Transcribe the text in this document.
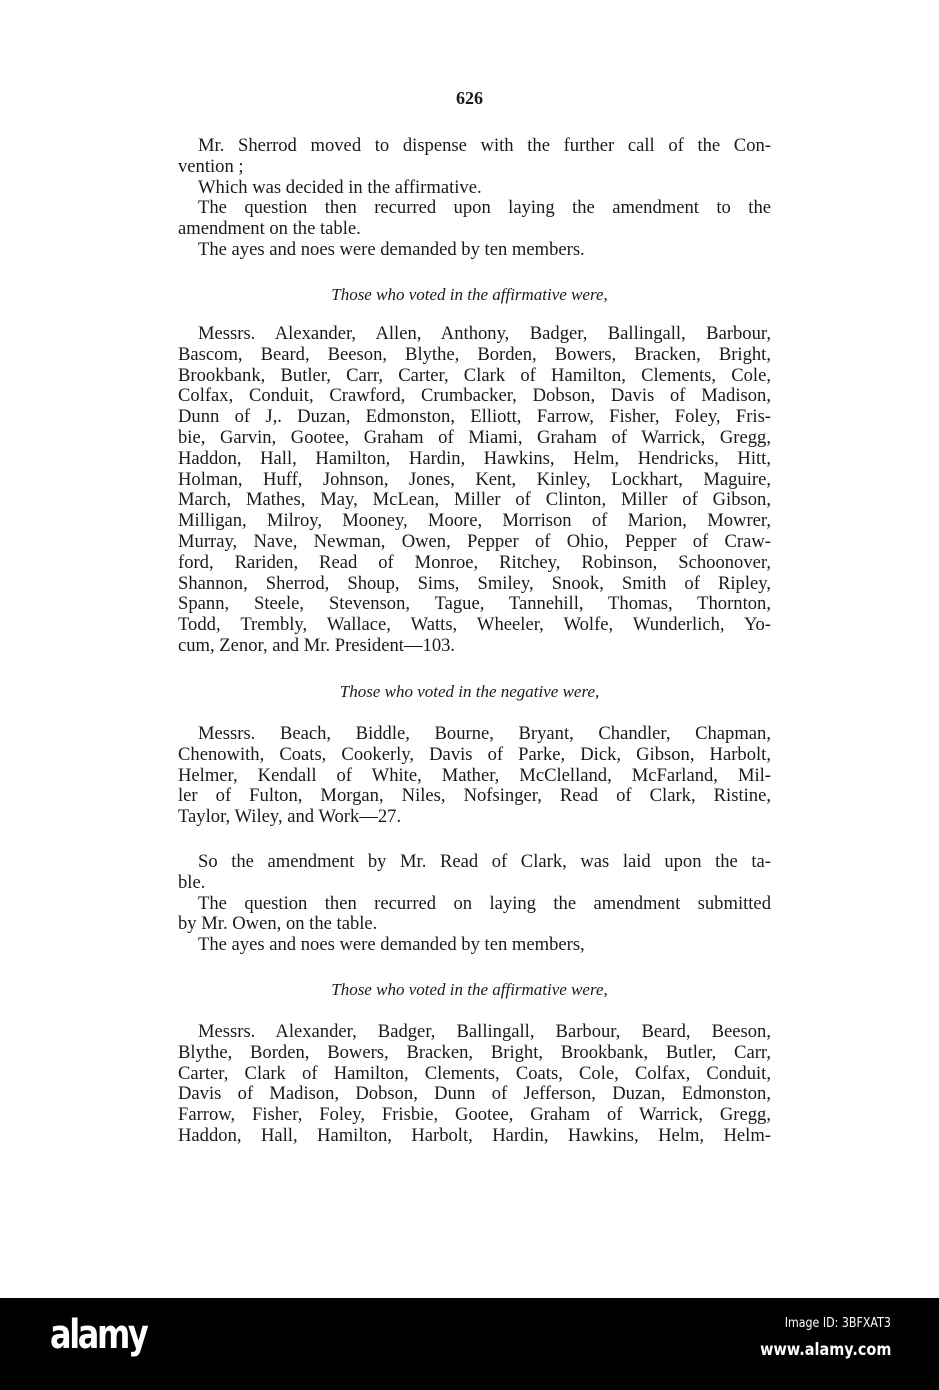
626
Mr. Sherrod moved to dispense with the further call of the Con-
vention ;
Which was decided in the affirmative.
The question then recurred upon laying the amendment to the
amendment on the table.
The ayes and noes were demanded by ten members.
Those who voted in the affirmative were,
Messrs. Alexander, Allen, Anthony, Badger, Ballingall, Barbour,
Bascom, Beard, Beeson, Blythe, Borden, Bowers, Bracken, Bright,
Brookbank, Butler, Carr, Carter, Clark of Hamilton, Clements, Cole,
Colfax, Conduit, Crawford, Crumbacker, Dobson, Davis of Madison,
Dunn of J,. Duzan, Edmonston, Elliott, Farrow, Fisher, Foley, Fris-
bie, Garvin, Gootee, Graham of Miami, Graham of Warrick, Gregg,
Haddon, Hall, Hamilton, Hardin, Hawkins, Helm, Hendricks, Hitt,
Holman, Huff, Johnson, Jones, Kent, Kinley, Lockhart, Maguire,
March, Mathes, May, McLean, Miller of Clinton, Miller of Gibson,
Milligan, Milroy, Mooney, Moore, Morrison of Marion, Mowrer,
Murray, Nave, Newman, Owen, Pepper of Ohio, Pepper of Craw-
ford, Rariden, Read of Monroe, Ritchey, Robinson, Schoonover,
Shannon, Sherrod, Shoup, Sims, Smiley, Snook, Smith of Ripley,
Spann, Steele, Stevenson, Tague, Tannehill, Thomas, Thornton,
Todd, Trembly, Wallace, Watts, Wheeler, Wolfe, Wunderlich, Yo-
cum, Zenor, and Mr. President—103.
Those who voted in the negative were,
Messrs. Beach, Biddle, Bourne, Bryant, Chandler, Chapman,
Chenowith, Coats, Cookerly, Davis of Parke, Dick, Gibson, Harbolt,
Helmer, Kendall of White, Mather, McClelland, McFarland, Mil-
ler of Fulton, Morgan, Niles, Nofsinger, Read of Clark, Ristine,
Taylor, Wiley, and Work—27.
So the amendment by Mr. Read of Clark, was laid upon the ta-
ble.
The question then recurred on laying the amendment submitted
by Mr. Owen, on the table.
The ayes and noes were demanded by ten members,
Those who voted in the affirmative were,
Messrs. Alexander, Badger, Ballingall, Barbour, Beard, Beeson,
Blythe, Borden, Bowers, Bracken, Bright, Brookbank, Butler, Carr,
Carter, Clark of Hamilton, Clements, Coats, Cole, Colfax, Conduit,
Davis of Madison, Dobson, Dunn of Jefferson, Duzan, Edmonston,
Farrow, Fisher, Foley, Frisbie, Gootee, Graham of Warrick, Gregg,
Haddon, Hall, Hamilton, Harbolt, Hardin, Hawkins, Helm, Helm-
alamy	Image ID: 3BFXAT3
www.alamy.com
